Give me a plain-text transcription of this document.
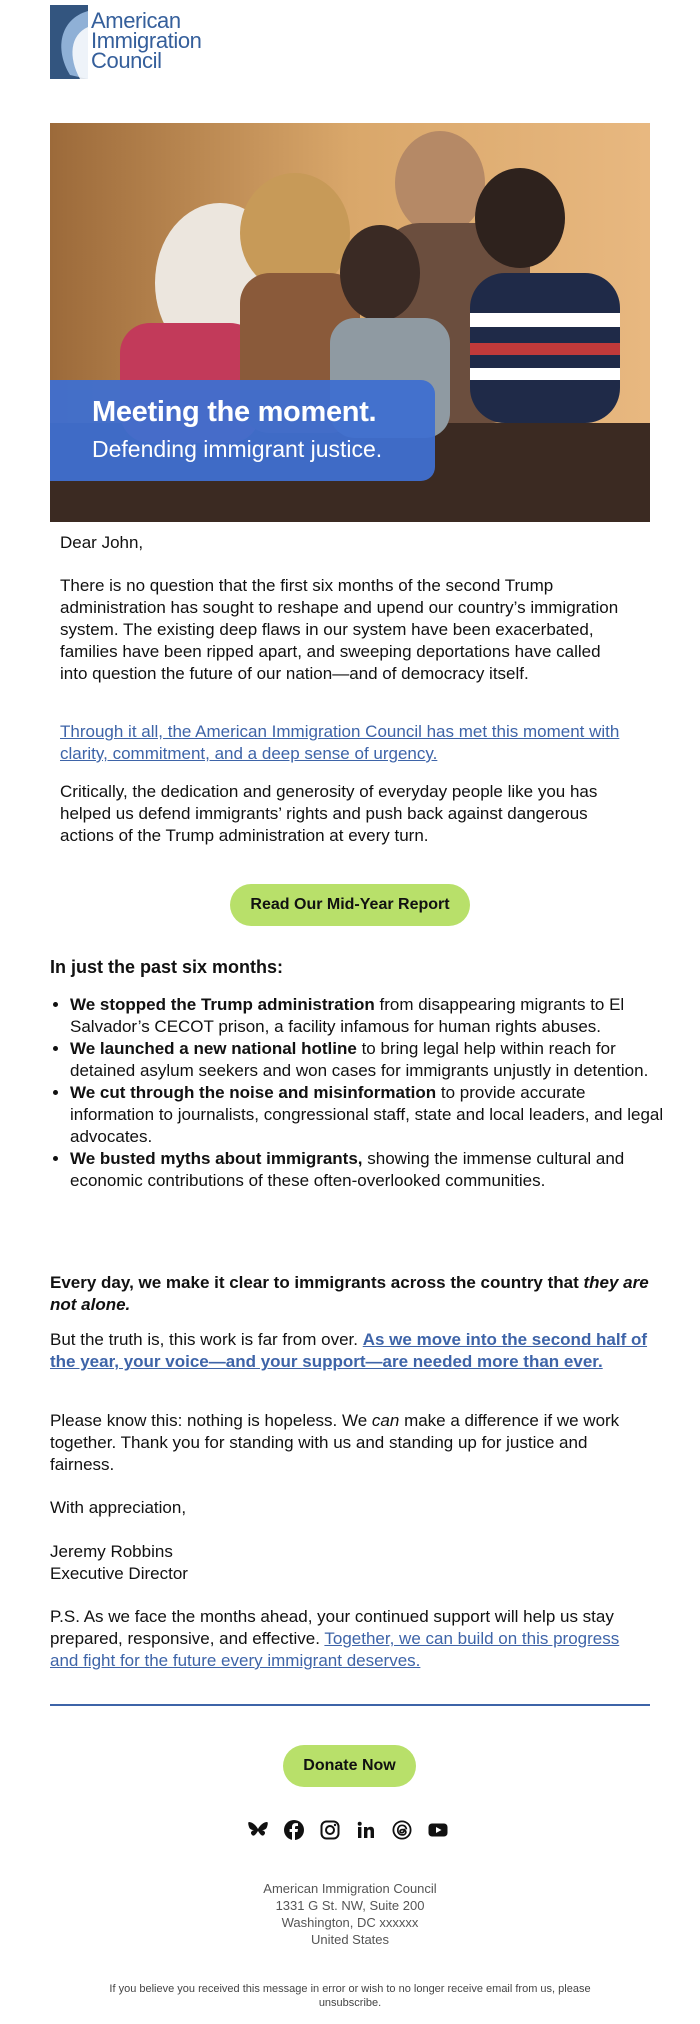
American
Immigration
Council
Meeting the moment.
Defending immigrant justice.
Dear John,
There is no question that the first six months of the second Trump administration has sought to reshape and upend our country’s immigration system. The existing deep flaws in our system have been exacerbated, families have been ripped apart, and sweeping deportations have called into question the future of our nation—and of democracy itself.
Through it all, the American Immigration Council has met this moment with clarity, commitment, and a deep sense of urgency.
Critically, the dedication and generosity of everyday people like you has helped us defend immigrants’ rights and push back against dangerous actions of the Trump administration at every turn.
Read Our Mid-Year Report
In just the past six months:
• We stopped the Trump administration from disappearing migrants to El Salvador’s CECOT prison, a facility infamous for human rights abuses.
• We launched a new national hotline to bring legal help within reach for detained asylum seekers and won cases for immigrants unjustly in detention.
• We cut through the noise and misinformation to provide accurate information to journalists, congressional staff, state and local leaders, and legal advocates.
• We busted myths about immigrants, showing the immense cultural and economic contributions of these often-overlooked communities.
Every day, we make it clear to immigrants across the country that they are not alone.
But the truth is, this work is far from over. As we move into the second half of the year, your voice—and your support—are needed more than ever.
Please know this: nothing is hopeless. We can make a difference if we work together. Thank you for standing with us and standing up for justice and fairness.
With appreciation,
Jeremy Robbins
Executive Director
P.S. As we face the months ahead, your continued support will help us stay prepared, responsive, and effective. Together, we can build on this progress and fight for the future every immigrant deserves.
Donate Now
American Immigration Council
1331 G St. NW, Suite 200
Washington, DC xxxxxx
United States
If you believe you received this message in error or wish to no longer receive email from us, please unsubscribe.
